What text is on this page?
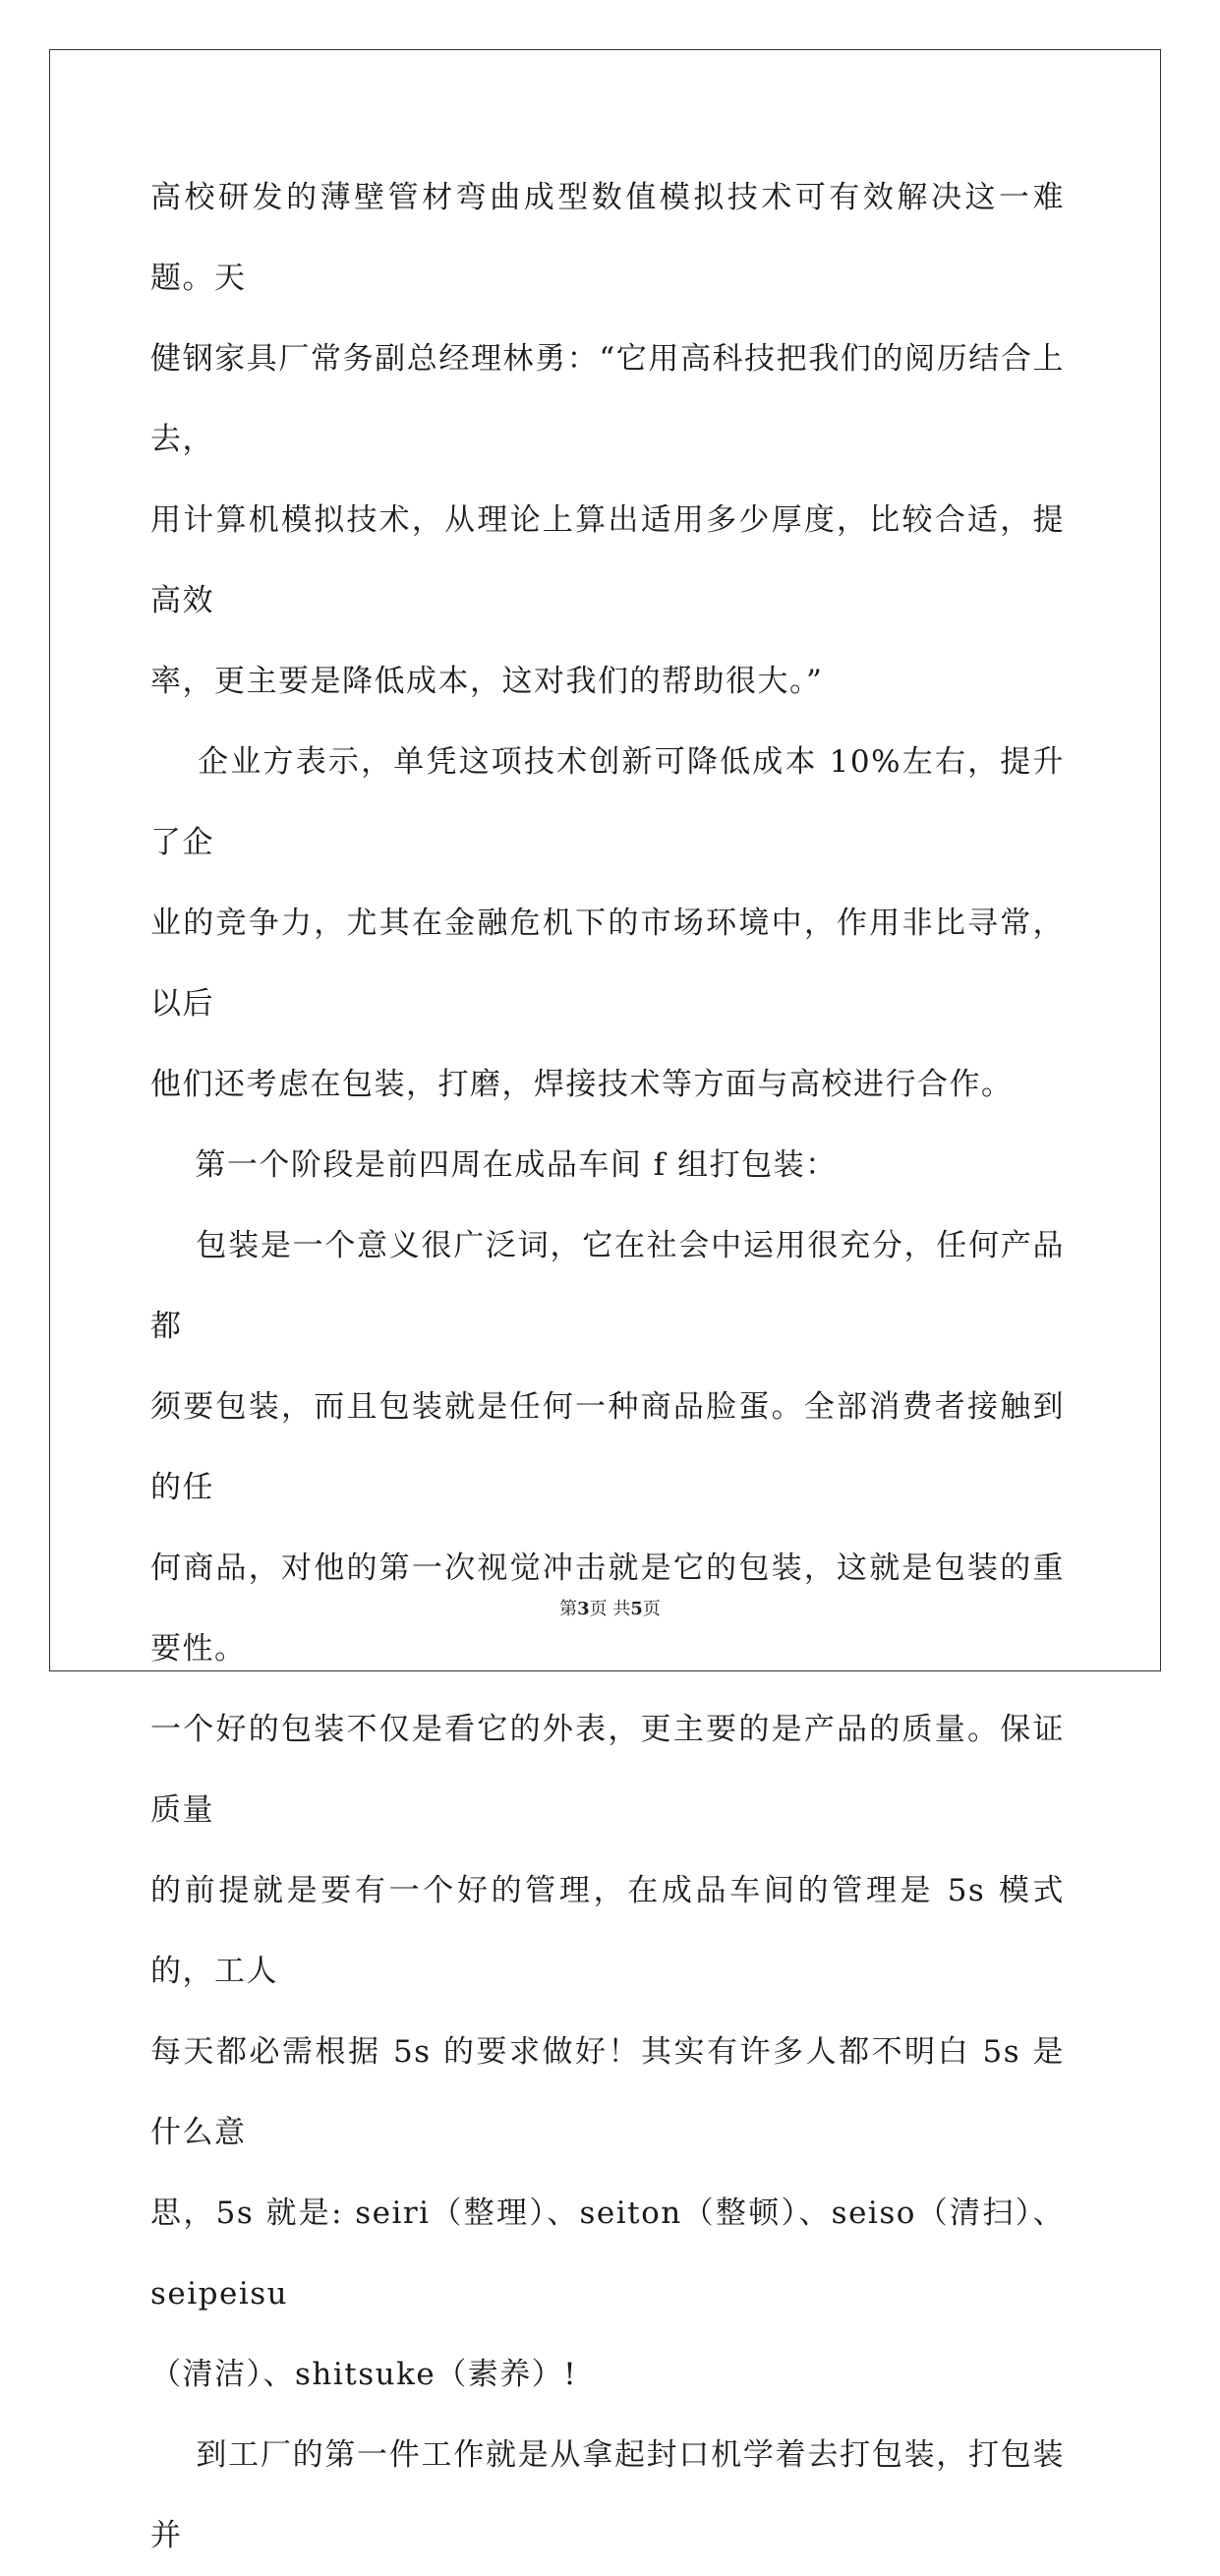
高校研发的薄壁管材弯曲成型数值模拟技术可有效解决这一难题。天

健钢家具厂常务副总经理林勇：“它用高科技把我们的阅历结合上去，

用计算机模拟技术，从理论上算出适用多少厚度，比较合适，提高效

率，更主要是降低成本，这对我们的帮助很大。”

企业方表示，单凭这项技术创新可降低成本 10%左右，提升了企

业的竞争力，尤其在金融危机下的市场环境中，作用非比寻常，以后

他们还考虑在包装，打磨，焊接技术等方面与高校进行合作。

第一个阶段是前四周在成品车间 f 组打包装：

包装是一个意义很广泛词，它在社会中运用很充分，任何产品都

须要包装，而且包装就是任何一种商品脸蛋。全部消费者接触到的任

何商品，对他的第一次视觉冲击就是它的包装，这就是包装的重要性。

一个好的包装不仅是看它的外表，更主要的是产品的质量。保证质量

的前提就是要有一个好的管理，在成品车间的管理是 5s 模式的，工人

每天都必需根据 5s 的要求做好！其实有许多人都不明白 5s 是什么意

思，5s 就是: seiri（整理）、seiton（整顿）、seiso（清扫）、seipeisu

（清洁）、shitsuke（素养）!

到工厂的第一件工作就是从拿起封口机学着去打包装，打包装并

第3页 共5页
